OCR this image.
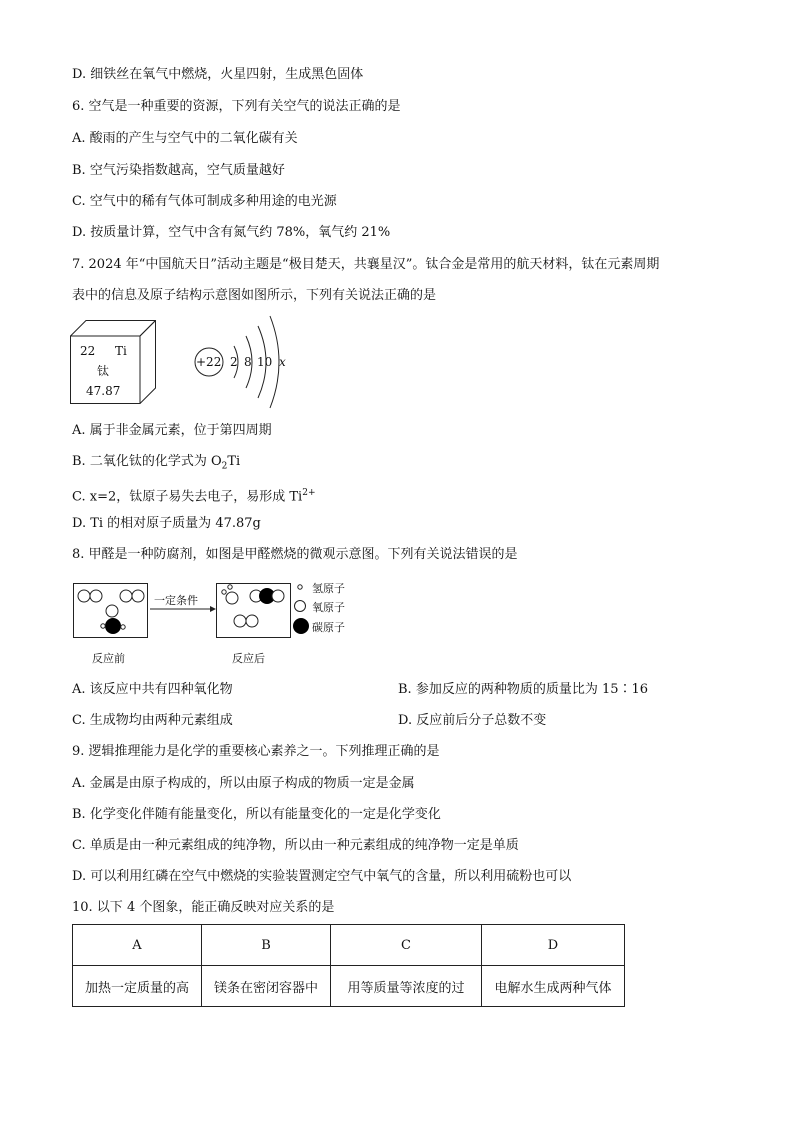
D. 细铁丝在氧气中燃烧，火星四射，生成黑色固体
6. 空气是一种重要的资源，下列有关空气的说法正确的是
A. 酸雨的产生与空气中的二氧化碳有关
B. 空气污染指数越高，空气质量越好
C. 空气中的稀有气体可制成多种用途的电光源
D. 按质量计算，空气中含有氮气约 78%，氧气约 21%
7. 2024 年“中国航天日”活动主题是“极目楚天，共襄星汉”。钛合金是常用的航天材料，钛在元素周期
表中的信息及原子结构示意图如图所示，下列有关说法正确的是
22 Ti
钛
47.87
+22 2 8 10 x
A. 属于非金属元素，位于第四周期
B. 二氧化钛的化学式为 $O_2Ti$
C. x=2，钛原子易失去电子，易形成 $Ti^{2+}$
D. Ti 的相对原子质量为 47.87g
8. 甲醛是一种防腐剂，如图是甲醛燃烧的微观示意图。下列有关说法错误的是
一定条件
氢原子
氧原子
碳原子
反应前	反应后
A. 该反应中共有四种氧化物	B. 参加反应的两种物质的质量比为 15∶16
C. 生成物均由两种元素组成	D. 反应前后分子总数不变
9. 逻辑推理能力是化学的重要核心素养之一。下列推理正确的是
A. 金属是由原子构成的，所以由原子构成的物质一定是金属
B. 化学变化伴随有能量变化，所以有能量变化的一定是化学变化
C. 单质是由一种元素组成的纯净物，所以由一种元素组成的纯净物一定是单质
D. 可以利用红磷在空气中燃烧的实验装置测定空气中氧气的含量，所以利用硫粉也可以
10. 以下 4 个图象，能正确反映对应关系的是
A	B	C	D
加热一定质量的高	镁条在密闭容器中	用等质量等浓度的过	电解水生成两种气体
